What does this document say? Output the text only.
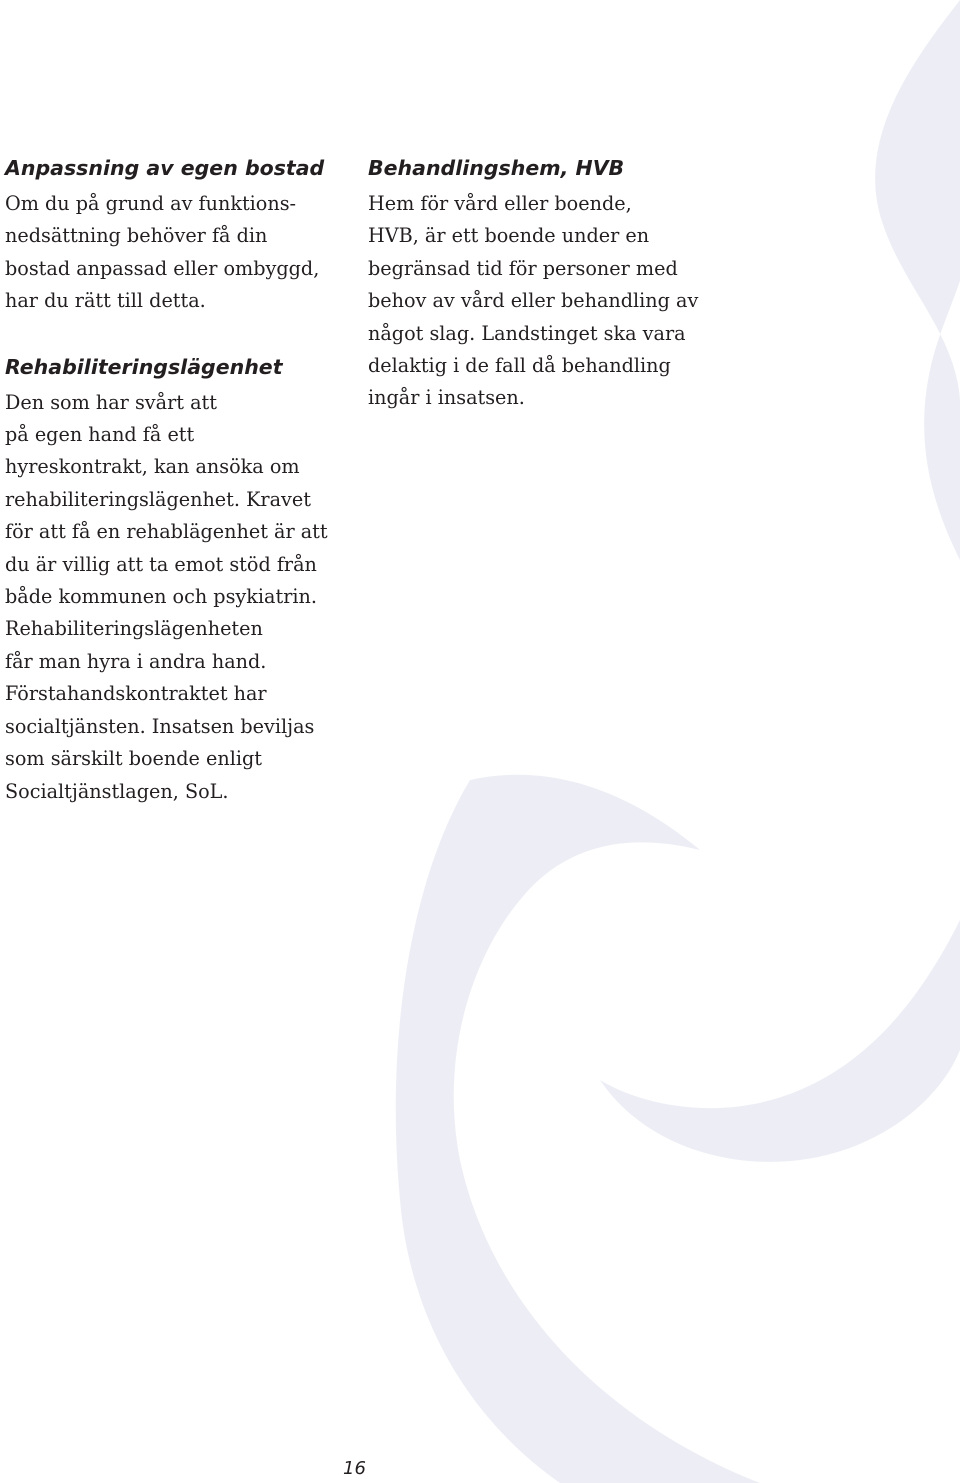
Anpassning av egen bostad

Om du på grund av funktions-
nedsättning behöver få din
bostad anpassad eller ombyggd,
har du rätt till detta.

Rehabiliteringslägenhet

Den som har svårt att
på egen hand få ett
hyreskontrakt, kan ansöka om
rehabiliteringslägenhet. Kravet
för att få en rehablägenhet är att
du är villig att ta emot stöd från
både kommunen och psykiatrin.
Rehabiliteringslägenheten
får man hyra i andra hand.
Förstahandskontraktet har
socialtjänsten. Insatsen beviljas
som särskilt boende enligt
Socialtjänstlagen, SoL.

Behandlingshem, HVB

Hem för vård eller boende,
HVB, är ett boende under en
begränsad tid för personer med
behov av vård eller behandling av
något slag. Landstinget ska vara
delaktig i de fall då behandling
ingår i insatsen.

16
